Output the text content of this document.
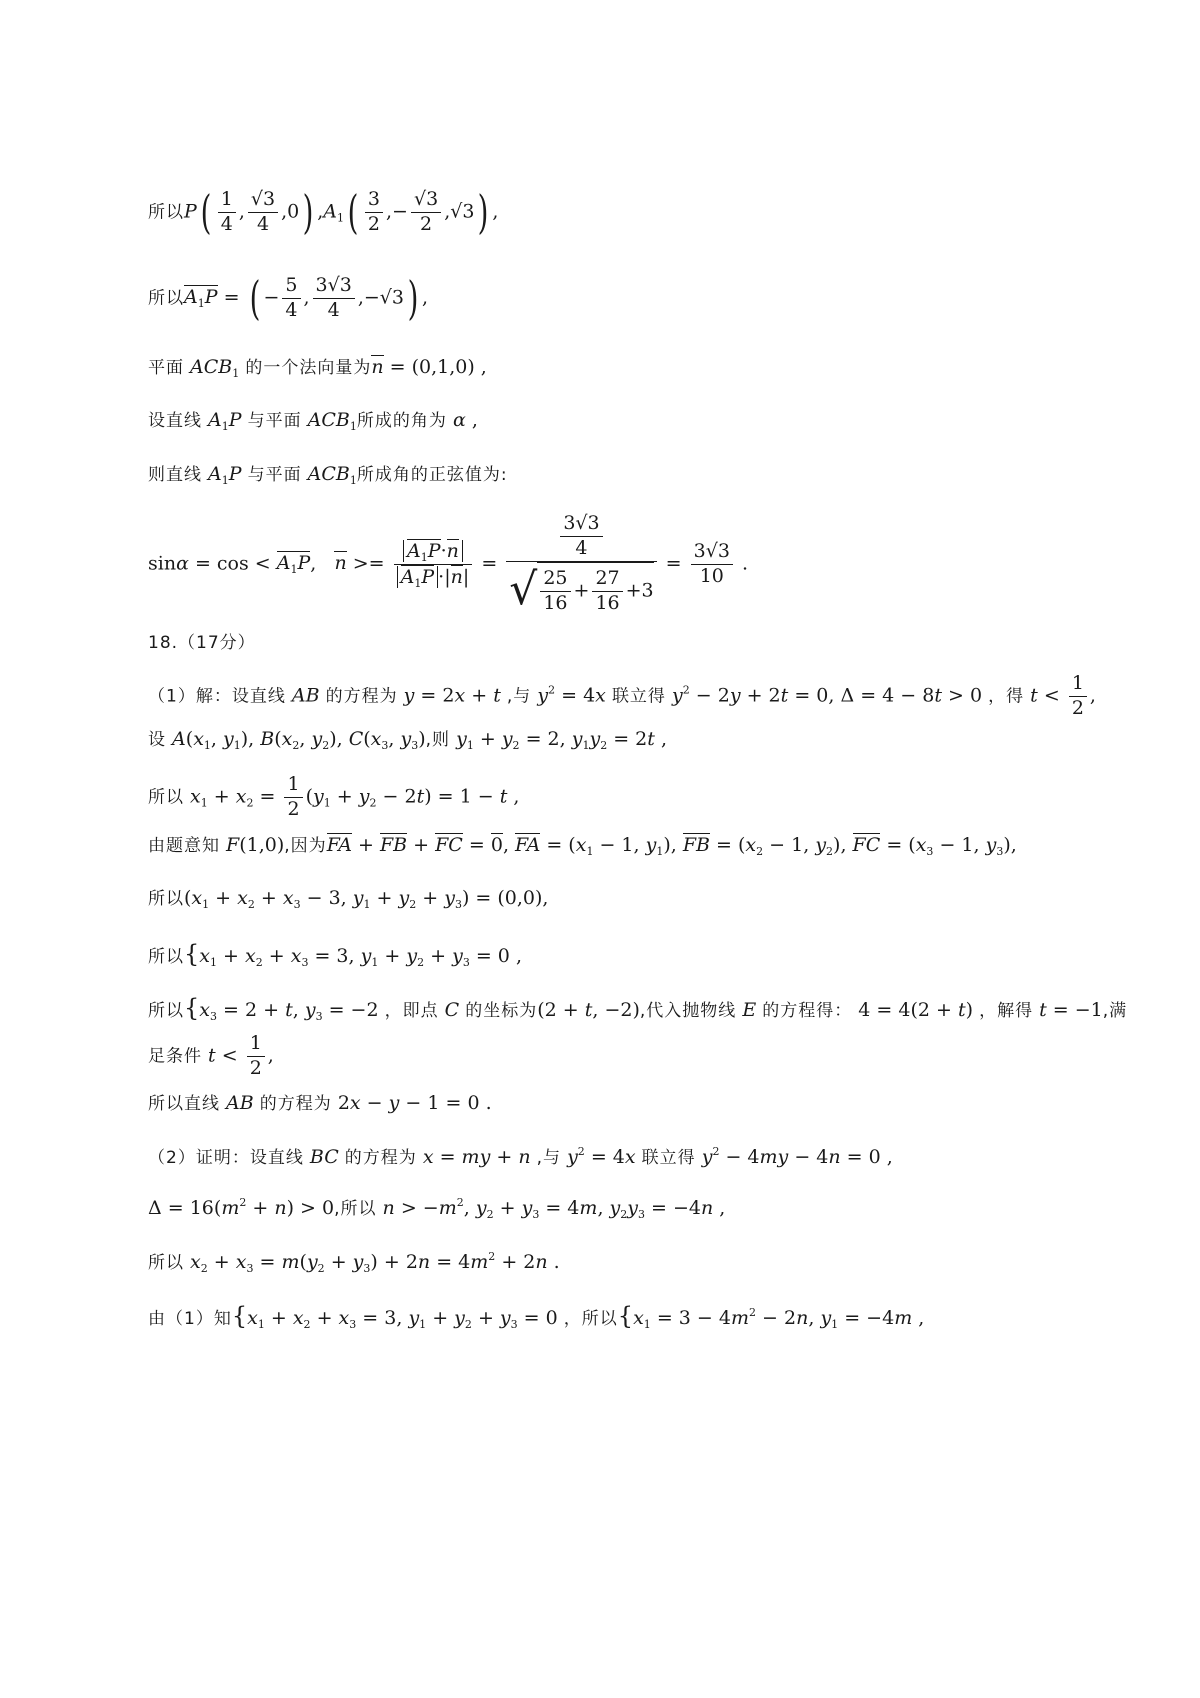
所以$P( \frac{1}{4}$ , $\frac{√3}{4} ,0$) $,A_1( \frac{3}{2}$ ,− $\frac{√3}{2} ,√3$) ,
所以$A_1P$ = ( − $\frac{5}{4}$ , $\frac{3√3}{4} ,-√3$) ,
平面 $ACB_1$ 的一个法向量为n = (0,1,0) ,
设直线 $A_1P$ 与平面 $ACB_1$所成的角为 α ,
则直线 $A_1P$ 与平面 $ACB_1$所成角的正弦值为:
$\sin\alpha = \cos < A_1P$,   $n >= \frac{A_1P\cdot n}{A_1P \cdot|n|} = \frac{\frac{3√3}{4}}{√ \frac{25}{16} + \frac{27}{16} +3} = \frac{3√3}{10}$ .
18.（17分）
（1）解：设直线 AB 的方程为 y = 2x + t ,与 $y^2 = 4x$ 联立得 $y^2 - 2y + 2t = 0$, Δ = 4 − 8t > 0 ，得 $t < \frac{1}{2}$ ,
设 $A(x_1$, $y_1$), $B(x_2$, $y_2$), $C(x_3$, $y_3$),则 $y_1 + y_2 = 2$, $y_1y_2 = 2t$ ,
所以 $x_1 + x_2 = \frac{1}{2} (y_1 + y_2 - 2t) = 1 - t$ ,
由题意知 F(1,0),因为FA + FB + FC = 0, FA = ($x_1 - 1$, $y_1$), FB = ($x_2 - 1$, $y_2$), FC = ($x_3 - 1$, $y_3$),
所以($x_1 + x_2 + x_3 - 3$, $y_1 + y_2 + y_3) = (0,0)$,
所以{$x_1 + x_2 + x_3 = 3$, $y_1 + y_2 + y_3 = 0$ ,
所以{$x_3 = 2 + t$, $y_3 = -2$ ，即点 C 的坐标为(2 + t, −2),代入抛物线 E 的方程得： 4 = 4(2 + t) ，解得 t = −1,满
足条件 $t < \frac{1}{2}$ ,
所以直线 AB 的方程为 2x − y − 1 = 0 .
（2）证明：设直线 BC 的方程为 x = my + n ,与 $y^2 = 4x$ 联立得 $y^2 - 4my - 4n = 0$ ,
$\Delta = 16(m^2 + n) > 0$,所以 $n > -m^2$, $y_2 + y_3 = 4m$, $y_2y_3 = -4n$ ,
所以 $x_2 + x_3 = m(y_2 + y_3) + 2n = 4m^2 + 2n$ .
由（1）知{$x_1 + x_2 + x_3 = 3$, $y_1 + y_2 + y_3 = 0$ ，所以{$x_1 = 3 - 4m^2 - 2n$, $y_1 = -4m$ ,
